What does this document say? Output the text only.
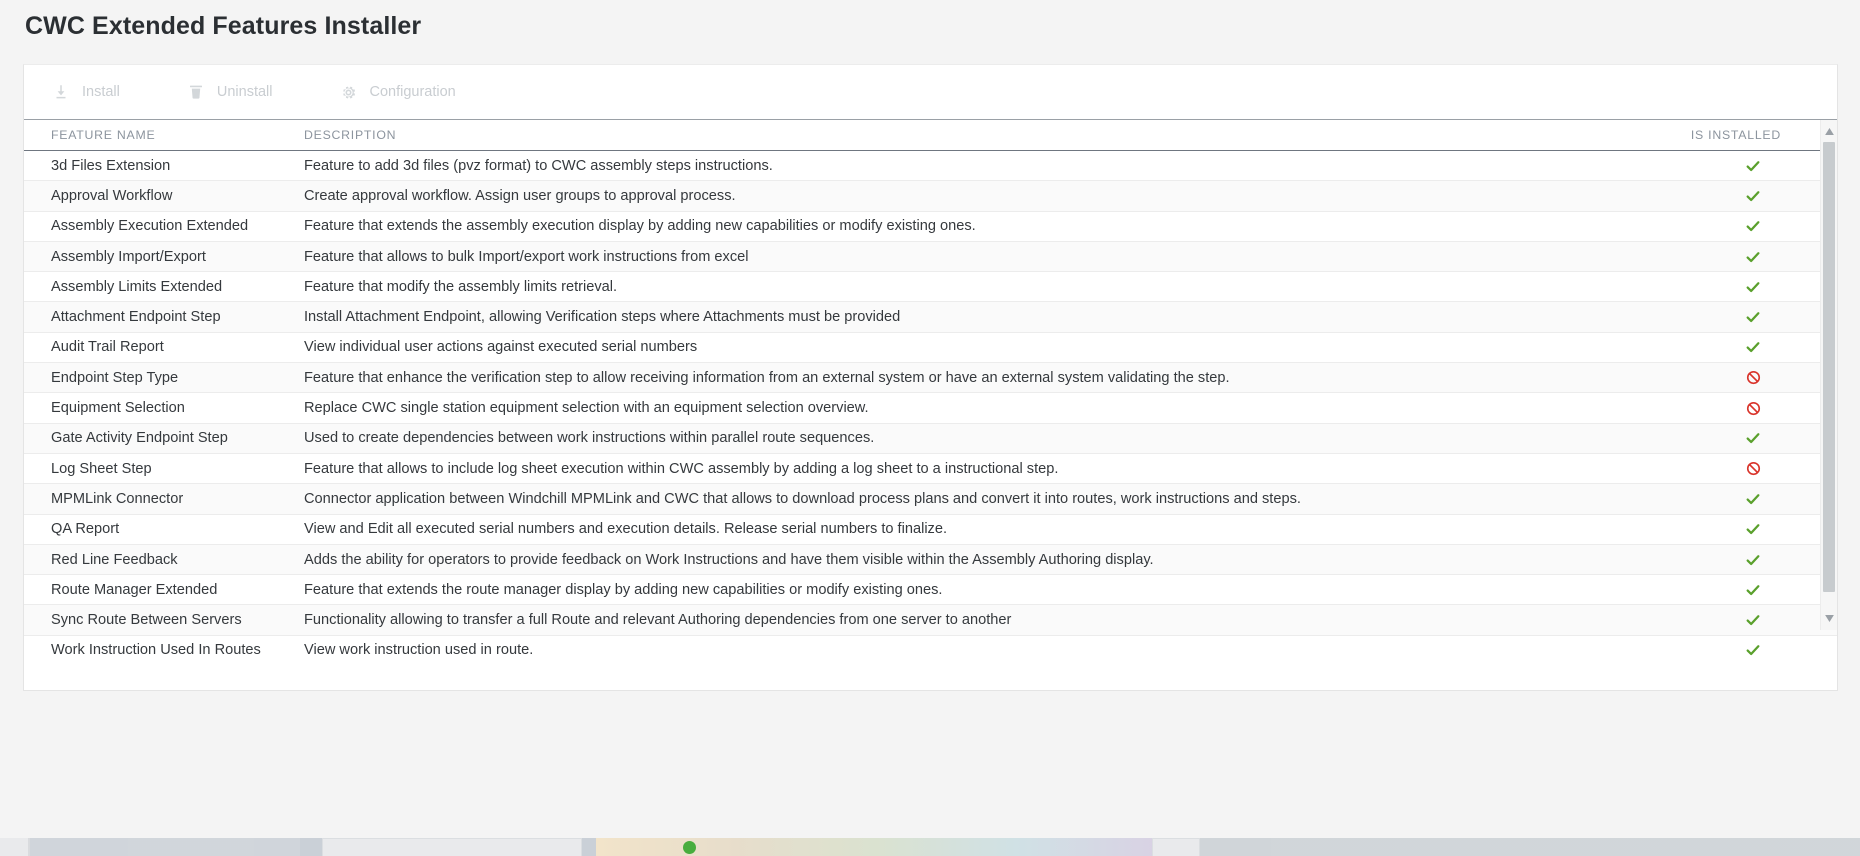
CWC Extended Features Installer
Install	Uninstall	Configuration
FEATURE NAME	DESCRIPTION	IS INSTALLED
3d Files Extension	Feature to add 3d files (pvz format) to CWC assembly steps instructions.
Approval Workflow	Create approval workflow. Assign user groups to approval process.
Assembly Execution Extended	Feature that extends the assembly execution display by adding new capabilities or modify existing ones.
Assembly Import/Export	Feature that allows to bulk Import/export work instructions from excel
Assembly Limits Extended	Feature that modify the assembly limits retrieval.
Attachment Endpoint Step	Install Attachment Endpoint, allowing Verification steps where Attachments must be provided
Audit Trail Report	View individual user actions against executed serial numbers
Endpoint Step Type	Feature that enhance the verification step to allow receiving information from an external system or have an external system validating the step.
Equipment Selection	Replace CWC single station equipment selection with an equipment selection overview.
Gate Activity Endpoint Step	Used to create dependencies between work instructions within parallel route sequences.
Log Sheet Step	Feature that allows to include log sheet execution within CWC assembly by adding a log sheet to a instructional step.
MPMLink Connector	Connector application between Windchill MPMLink and CWC that allows to download process plans and convert it into routes, work instructions and steps.
QA Report	View and Edit all executed serial numbers and execution details. Release serial numbers to finalize.
Red Line Feedback	Adds the ability for operators to provide feedback on Work Instructions and have them visible within the Assembly Authoring display.
Route Manager Extended	Feature that extends the route manager display by adding new capabilities or modify existing ones.
Sync Route Between Servers	Functionality allowing to transfer a full Route and relevant Authoring dependencies from one server to another
Work Instruction Used In Routes	View work instruction used in route.
